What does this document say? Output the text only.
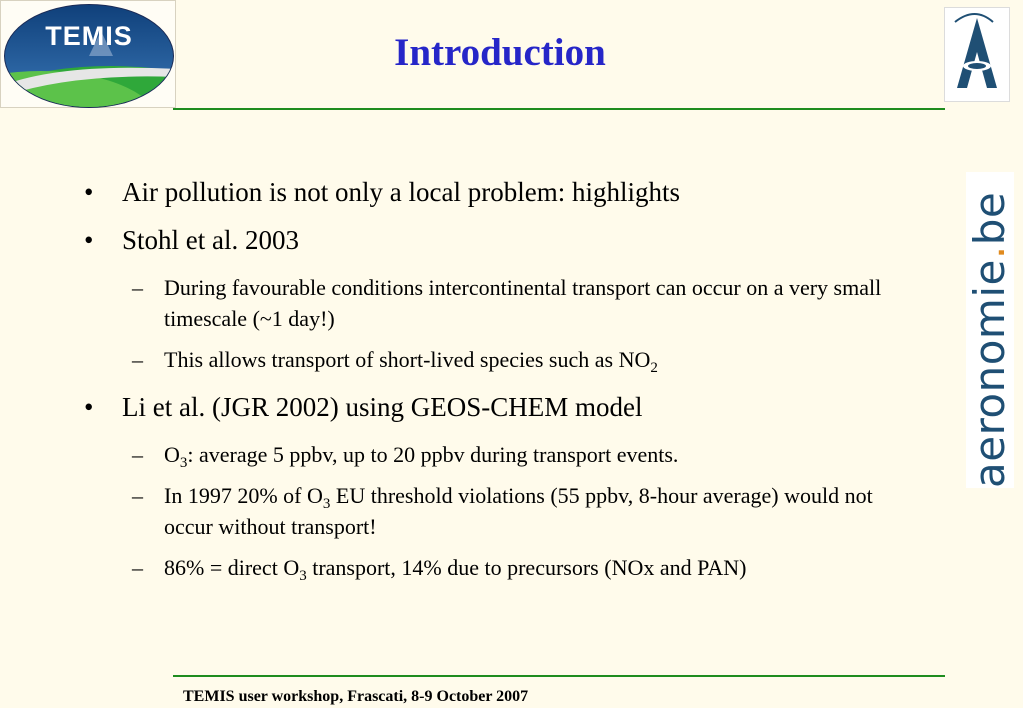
TEMIS	Introduction
aeronomie.be
• Air pollution is not only a local problem: highlights
• Stohl et al. 2003
– During favourable conditions intercontinental transport can occur on a very small timescale (~1 day!)
– This allows transport of short-lived species such as $NO_2$
• Li et al. (JGR 2002) using GEOS-CHEM model
– $O_3$: average 5 ppbv, up to 20 ppbv during transport events.
– In 1997 20% of $O_3$ EU threshold violations (55 ppbv, 8-hour average) would not occur without transport!
– 86% = direct $O_3$ transport, 14% due to precursors (NOx and PAN)
TEMIS user workshop, Frascati, 8-9 October 2007
